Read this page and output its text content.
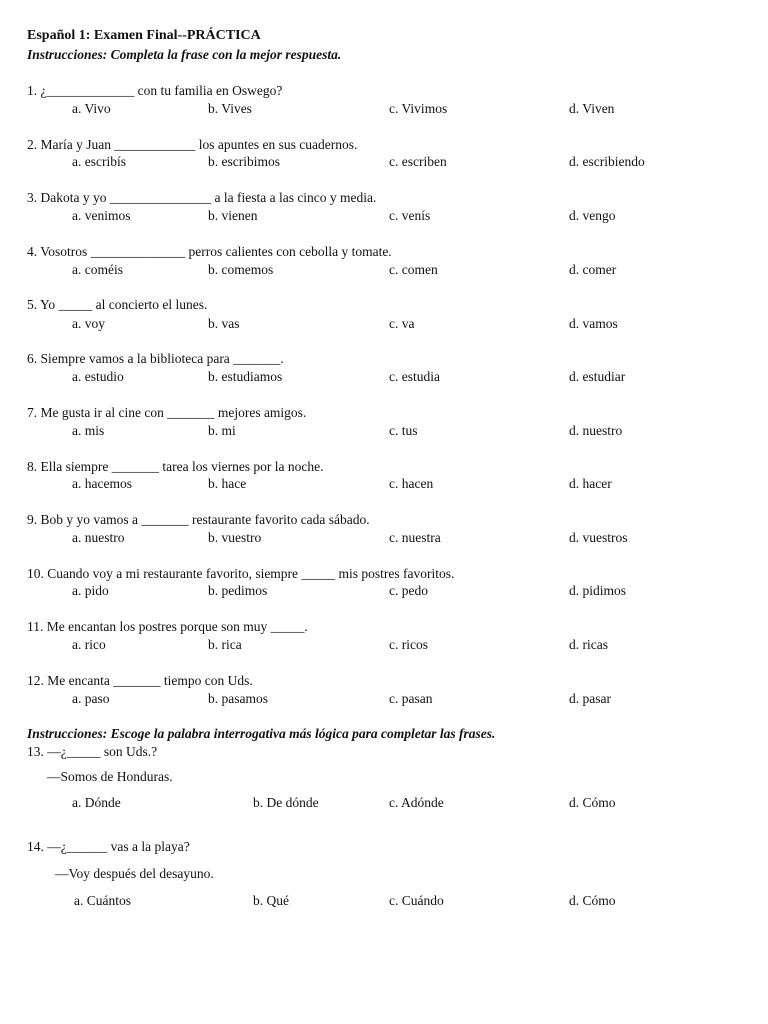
Español 1: Examen Final--PRÁCTICA
Instrucciones: Completa la frase con la mejor respuesta.
1. ¿_____________ con tu familia en Oswego?
a. Vivo	b. Vives	c. Vivimos	d. Viven
2. María y Juan ____________ los apuntes en sus cuadernos.
a. escribís	b. escribimos	c. escriben	d. escribiendo
3. Dakota y yo _______________ a la fiesta a las cinco y media.
a. venimos	b. vienen	c. venís	d. vengo
4. Vosotros ______________ perros calientes con cebolla y tomate.
a. coméis	b. comemos	c. comen	d. comer
5. Yo _____ al concierto el lunes.
a. voy	b. vas	c. va	d. vamos
6. Siempre vamos a la biblioteca para _______.
a. estudio	b. estudiamos	c. estudia	d. estudiar
7. Me gusta ir al cine con _______ mejores amigos.
a. mis	b. mi	c. tus	d. nuestro
8. Ella siempre _______ tarea los viernes por la noche.
a. hacemos	b. hace	c. hacen	d. hacer
9. Bob y yo vamos a _______ restaurante favorito cada sábado.
a. nuestro	b. vuestro	c. nuestra	d. vuestros
10. Cuando voy a mi restaurante favorito, siempre _____ mis postres favoritos.
a. pido	b. pedimos	c. pedo	d. pidimos
11. Me encantan los postres porque son muy _____.
a. rico	b. rica	c. ricos	d. ricas
12. Me encanta _______ tiempo con Uds.
a. paso	b. pasamos	c. pasan	d. pasar
Instrucciones: Escoge la palabra interrogativa más lógica para completar las frases.
13. —¿_____ son Uds.?
—Somos de Honduras.
a. Dónde	b. De dónde	c. Adónde	d. Cómo
14. —¿______ vas a la playa?
—Voy después del desayuno.
a. Cuántos	b. Qué	c. Cuándo	d. Cómo
